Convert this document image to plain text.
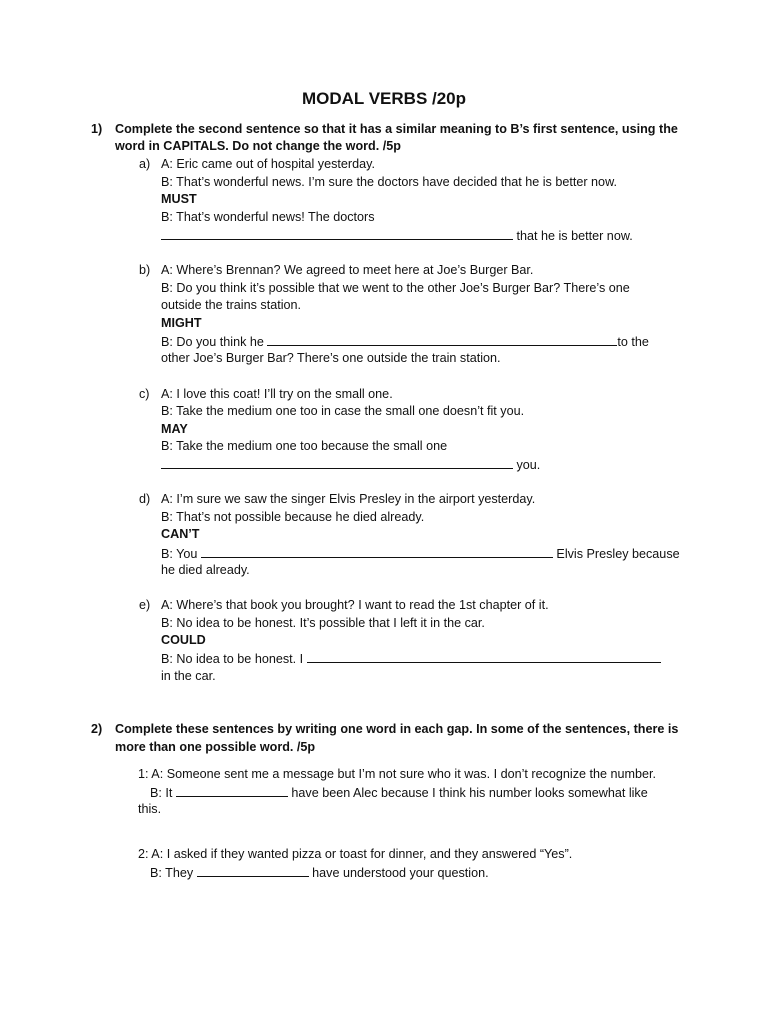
MODAL VERBS /20p
1) Complete the second sentence so that it has a similar meaning to B’s first sentence, using the
word in CAPITALS. Do not change the word. /5p
a) A: Eric came out of hospital yesterday.
B: That’s wonderful news. I’m sure the doctors have decided that he is better now.
MUST
B: That’s wonderful news! The doctors
that he is better now.
b) A: Where’s Brennan? We agreed to meet here at Joe’s Burger Bar.
B: Do you think it’s possible that we went to the other Joe’s Burger Bar? There’s one
outside the trains station.
MIGHT
B: Do you think he	to the
other Joe’s Burger Bar? There’s one outside the train station.
c) A: I love this coat! I’ll try on the small one.
B: Take the medium one too in case the small one doesn’t fit you.
MAY
B: Take the medium one too because the small one
you.
d) A: I’m sure we saw the singer Elvis Presley in the airport yesterday.
B: That’s not possible because he died already.
CAN’T
B: You	Elvis Presley because
he died already.
e) A: Where’s that book you brought? I want to read the 1st chapter of it.
B: No idea to be honest. It’s possible that I left it in the car.
COULD
B: No idea to be honest. I
in the car.
2) Complete these sentences by writing one word in each gap. In some of the sentences, there is
more than one possible word. /5p
1: A: Someone sent me a message but I’m not sure who it was. I don’t recognize the number.
B: It	have been Alec because I think his number looks somewhat like
this.
2: A: I asked if they wanted pizza or toast for dinner, and they answered “Yes”.
B: They	have understood your question.
